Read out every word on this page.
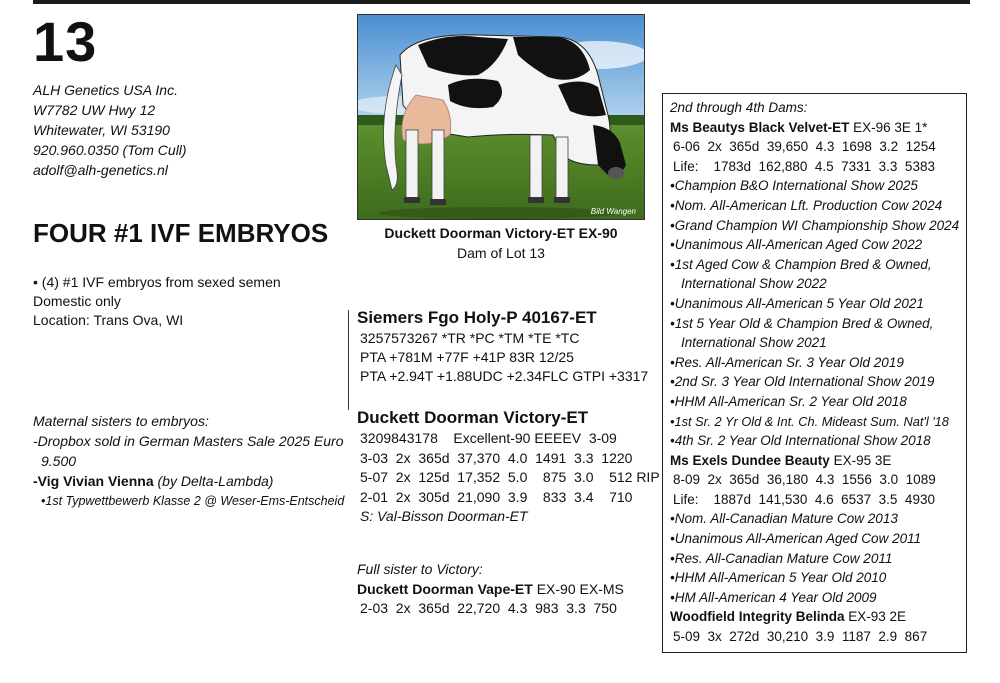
13
ALH Genetics USA Inc.
W7782 UW Hwy 12
Whitewater, WI 53190
920.960.0350 (Tom Cull)
adolf@alh-genetics.nl
FOUR #1 IVF EMBRYOS
• (4) #1 IVF embryos from sexed semen
Domestic only
Location: Trans Ova, WI
Maternal sisters to embryos:
-Dropbox sold in German Masters Sale 2025 Euro
9.500
-Vig Vivian Vienna (by Delta-Lambda)
•1st Typwettbewerb Klasse 2 @ Weser-Ems-Entscheid
Bild Wangen
Duckett Doorman Victory-ET EX-90
Dam of Lot 13
Siemers Fgo Holy-P 40167-ET
3257573267 *TR *PC *TM *TE *TC
PTA +781M +77F +41P 83R 12/25
PTA +2.94T +1.88UDC +2.34FLC GTPI +3317
Duckett Doorman Victory-ET
3209843178    Excellent-90 EEEEV  3-09
3-03  2x  365d  37,370  4.0  1491  3.3  1220
5-07  2x  125d  17,352  5.0    875  3.0    512 RIP
2-01  2x  305d  21,090  3.9    833  3.4    710
S: Val-Bisson Doorman-ET
Full sister to Victory:
Duckett Doorman Vape-ET EX-90 EX-MS
2-03  2x  365d  22,720  4.3  983  3.3  750
2nd through 4th Dams:
Ms Beautys Black Velvet-ET EX-96 3E 1*
6-06  2x  365d  39,650  4.3  1698  3.2  1254
Life:    1783d  162,880  4.5  7331  3.3  5383
•Champion B&O International Show 2025
•Nom. All-American Lft. Production Cow 2024
•Grand Champion WI Championship Show 2024
•Unanimous All-American Aged Cow 2022
•1st Aged Cow & Champion Bred & Owned,
International Show 2022
•Unanimous All-American 5 Year Old 2021
•1st 5 Year Old & Champion Bred & Owned,
International Show 2021
•Res. All-American Sr. 3 Year Old 2019
•2nd Sr. 3 Year Old International Show 2019
•HHM All-American Sr. 2 Year Old 2018
•1st Sr. 2 Yr Old & Int. Ch. Mideast Sum. Nat'l '18
•4th Sr. 2 Year Old International Show 2018
Ms Exels Dundee Beauty EX-95 3E
8-09  2x  365d  36,180  4.3  1556  3.0  1089
Life:    1887d  141,530  4.6  6537  3.5  4930
•Nom. All-Canadian Mature Cow 2013
•Unanimous All-American Aged Cow 2011
•Res. All-Canadian Mature Cow 2011
•HHM All-American 5 Year Old 2010
•HM All-American 4 Year Old 2009
Woodfield Integrity Belinda EX-93 2E
5-09  3x  272d  30,210  3.9  1187  2.9  867
